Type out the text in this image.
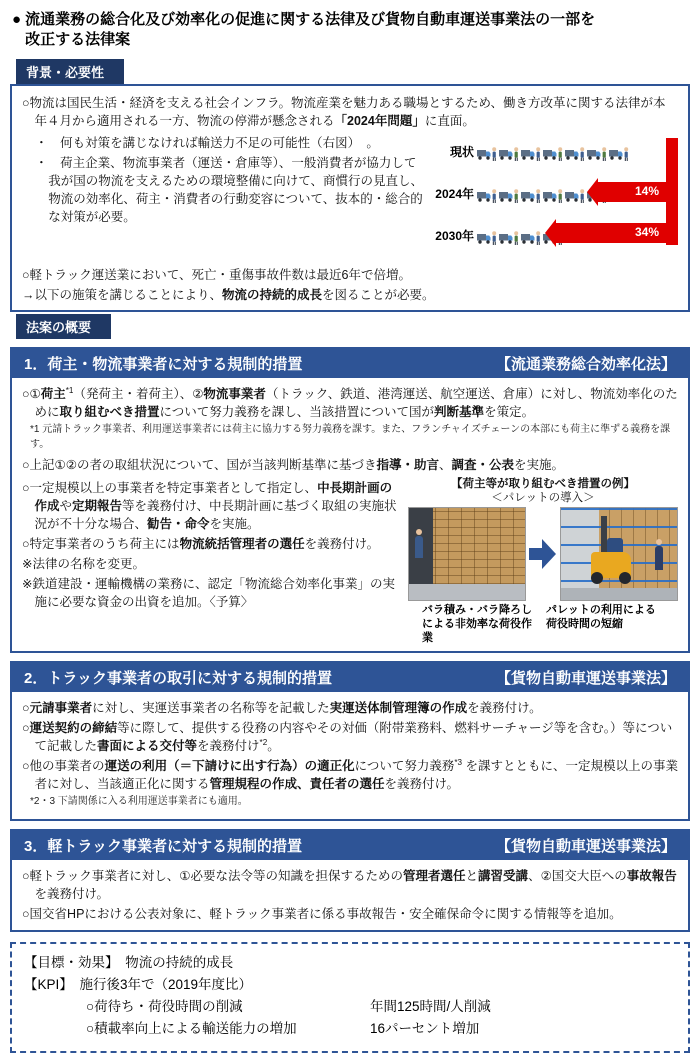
● 流通業務の総合化及び効率化の促進に関する法律及び貨物自動車運送事業法の一部を
改正する法律案
背景・必要性

○物流は国民生活・経済を支える社会インフラ。物流産業を魅力ある職場とするため、働き方改革に関する法律が本年４月から適用される一方、物流の停滞が懸念される「2024年問題」に直面。

・　何も対策を講じなければ輸送力不足の可能性（右図）　。

・　荷主企業、物流事業者（運送・倉庫等）、一般消費者が協力して我が国の物流を支えるための環境整備に向けて、商慣行の見直し、物流の効率化、荷主・消費者の行動変容について、抜本的・総合的な対策が必要。

現状
2024年
2030年
14%
34%

○軽トラック運送業において、死亡・重傷事故件数は最近6年で倍増。

→以下の施策を講じることにより、物流の持続的成長を図ることが必要。

法案の概要
1．荷主・物流事業者に対する規制的措置	【流通業務総合効率化法】

○①荷主$^{*1}$（発荷主・着荷主）、②物流事業者（トラック、鉄道、港湾運送、航空運送、倉庫）に対し、物流効率化のために取り組むべき措置について努力義務を課し、当該措置について国が判断基準を策定。

*1 元請トラック事業者、利用運送事業者には荷主に協力する努力義務を課す。また、フランチャイズチェーンの本部にも荷主に準ずる義務を課す。

○上記①②の者の取組状況について、国が当該判断基準に基づき指導・助言、調査・公表を実施。

○一定規模以上の事業者を特定事業者として指定し、中長期計画の作成や定期報告等を義務付け、中長期計画に基づく取組の実施状況が不十分な場合、勧告・命令を実施。

○特定事業者のうち荷主には物流統括管理者の選任を義務付け。

※法律の名称を変更。

※鉄道建設・運輸機構の業務に、認定「物流総合効率化事業」の実施に必要な資金の出資を追加。〈予算〉

【荷主等が取り組むべき措置の例】
＜パレットの導入＞
バラ積み・バラ降ろしによる非効率な荷役作業
パレットの利用による荷役時間の短縮
2．トラック事業者の取引に対する規制的措置	【貨物自動車運送事業法】

○元請事業者に対し、実運送事業者の名称等を記載した実運送体制管理簿の作成を義務付け。

○運送契約の締結等に際して、提供する役務の内容やその対価（附帯業務料、燃料サーチャージ等を含む。）等について記載した書面による交付等を義務付け$^{*2}$。

○他の事業者の運送の利用（＝下請けに出す行為）の適正化について努力義務$^{*3}$ を課すとともに、一定規模以上の事業者に対し、当該適正化に関する管理規程の作成、責任者の選任を義務付け。

*2・3 下請関係に入る利用運送事業者にも適用。

3．軽トラック事業者に対する規制的措置	【貨物自動車運送事業法】

○軽トラック事業者に対し、①必要な法令等の知識を担保するための管理者選任と講習受講、②国交大臣への事故報告を義務付け。

○国交省HPにおける公表対象に、軽トラック事業者に係る事故報告・安全確保命令に関する情報等を追加。

【目標・効果】　物流の持続的成長
【KPI】　施行後3年で（2019年度比）
○荷待ち・荷役時間の削減	年間125時間/人削減
○積載率向上による輸送能力の増加	16パーセント増加
